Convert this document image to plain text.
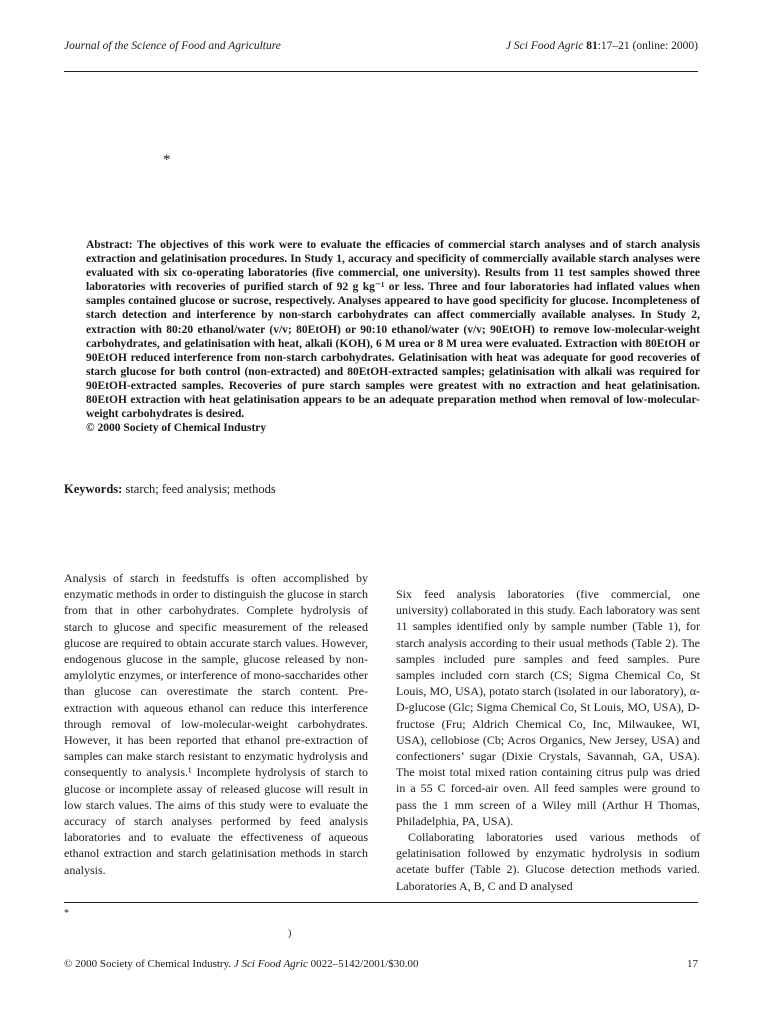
Journal of the Science of Food and Agriculture	J Sci Food Agric 81:17–21 (online: 2000)
*
Abstract: The objectives of this work were to evaluate the efficacies of commercial starch analyses and of starch analysis extraction and gelatinisation procedures. In Study 1, accuracy and specificity of commercially available starch analyses were evaluated with six co-operating laboratories (five commercial, one university). Results from 11 test samples showed three laboratories with recoveries of purified starch of 92 g kg⁻¹ or less. Three and four laboratories had inflated values when samples contained glucose or sucrose, respectively. Analyses appeared to have good specificity for glucose. Incompleteness of starch detection and interference by non-starch carbohydrates can affect commercially available analyses. In Study 2, extraction with 80:20 ethanol/water (v/v; 80EtOH) or 90:10 ethanol/water (v/v; 90EtOH) to remove low-molecular-weight carbohydrates, and gelatinisation with heat, alkali (KOH), 6 M urea or 8 M urea were evaluated. Extraction with 80EtOH or 90EtOH reduced interference from non-starch carbohydrates. Gelatinisation with heat was adequate for good recoveries of starch glucose for both control (non-extracted) and 80EtOH-extracted samples; gelatinisation with alkali was required for 90EtOH-extracted samples. Recoveries of pure starch samples were greatest with no extraction and heat gelatinisation. 80EtOH extraction with heat gelatinisation appears to be an adequate preparation method when removal of low-molecular-weight carbohydrates is desired.
© 2000 Society of Chemical Industry
Keywords: starch; feed analysis; methods

Analysis of starch in feedstuffs is often accomplished by enzymatic methods in order to distinguish the glucose in starch from that in other carbohydrates. Complete hydrolysis of starch to glucose and specific measurement of the released glucose are required to obtain accurate starch values. However, endogenous glucose in the sample, glucose released by non-amylolytic enzymes, or interference of mono-saccharides other than glucose can overestimate the starch content. Pre-extraction with aqueous ethanol can reduce this interference through removal of low-molecular-weight carbohydrates. However, it has been reported that ethanol pre-extraction of samples can make starch resistant to enzymatic hydrolysis and consequently to analysis.¹ Incomplete hydrolysis of starch to glucose or incomplete assay of released glucose will result in low starch values. The aims of this study were to evaluate the accuracy of starch analyses performed by feed analysis laboratories and to evaluate the effectiveness of aqueous ethanol extraction and starch gelatinisation methods in starch analysis.

Six feed analysis laboratories (five commercial, one university) collaborated in this study. Each laboratory was sent 11 samples identified only by sample number (Table 1), for starch analysis according to their usual methods (Table 2). The samples included pure samples and feed samples. Pure samples included corn starch (CS; Sigma Chemical Co, St Louis, MO, USA), potato starch (isolated in our laboratory), α-D-glucose (Glc; Sigma Chemical Co, St Louis, MO, USA), D-fructose (Fru; Aldrich Chemical Co, Inc, Milwaukee, WI, USA), cellobiose (Cb; Acros Organics, New Jersey, USA) and confectioners’ sugar (Dixie Crystals, Savannah, GA, USA). The moist total mixed ration containing citrus pulp was dried in a 55 C forced-air oven. All feed samples were ground to pass the 1 mm screen of a Wiley mill (Arthur H Thomas, Philadelphia, PA, USA).

Collaborating laboratories used various methods of gelatinisation followed by enzymatic hydrolysis in sodium acetate buffer (Table 2). Glucose detection methods varied. Laboratories A, B, C and D analysed

*
)
© 2000 Society of Chemical Industry. J Sci Food Agric 0022–5142/2001/$30.00	17
